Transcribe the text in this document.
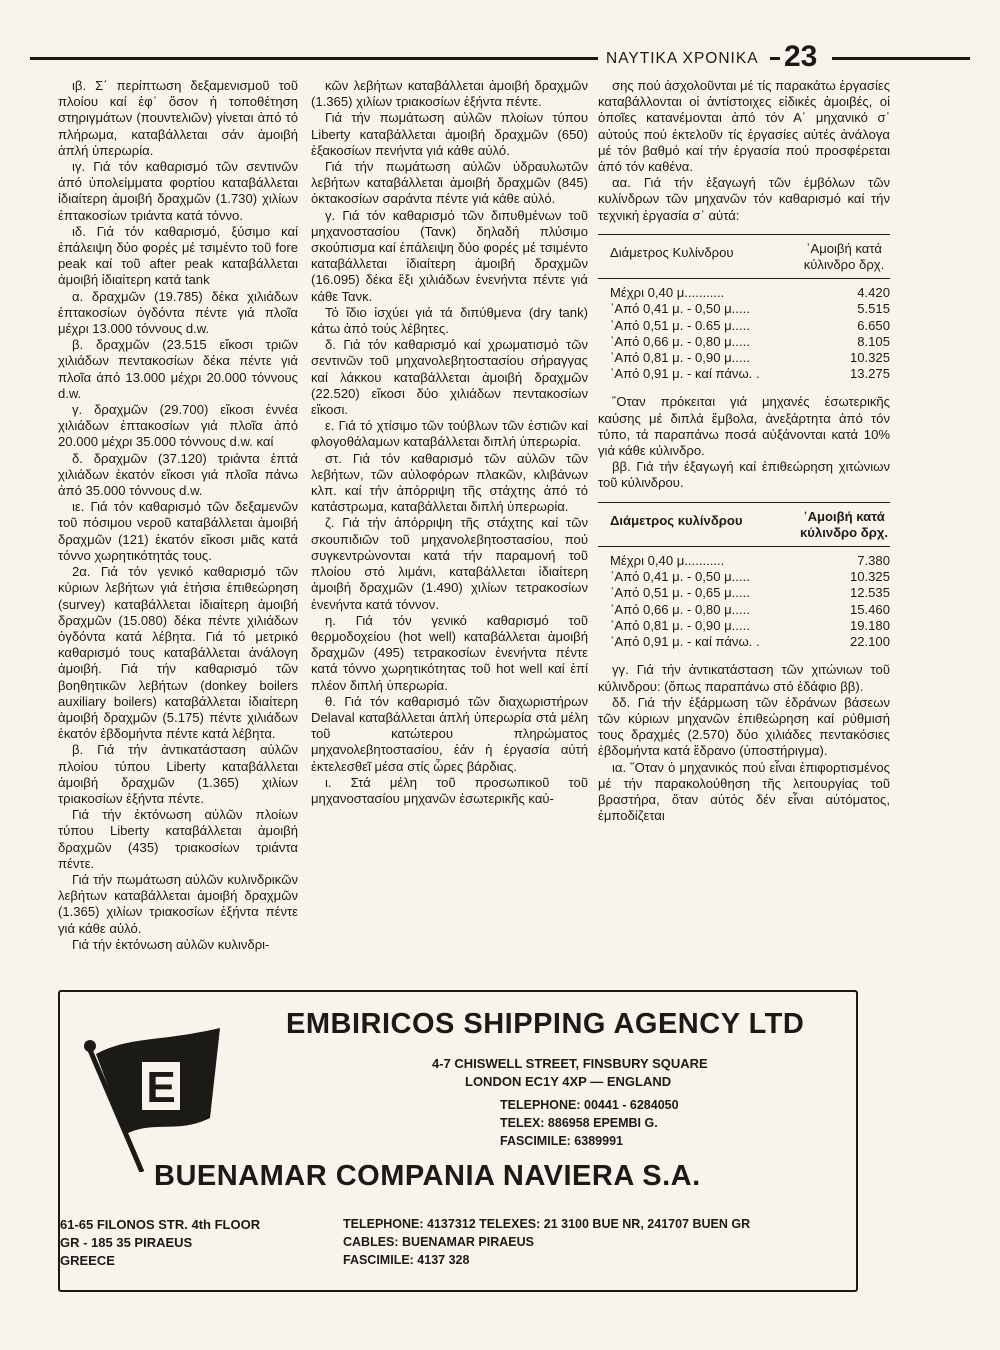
ΝΑΥΤΙΚΑ ΧΡΟΝΙΚΑ 23

ιβ. Σ΄ περίπτωση δεξαμενισμοῦ τοῦ πλοίου καί ἐφ᾽ ὅσον ἡ τοποθέτηση στηριγμάτων (πουντελιῶν) γίνεται ἀπό τό πλήρωμα, καταβάλλεται σάν ἀμοιβή ἁπλή ὑπερωρία.

ιγ. Γιά τόν καθαρισμό τῶν σεντινῶν ἀπό ὑπολείμματα φορτίου καταβάλλεται ἰδιαίτερη ἀμοιβή δραχμῶν (1.730) χιλίων ἑπτακοσίων τριάντα κατά τόννο.

ιδ. Γιά τόν καθαρισμό, ξύσιμο καί ἐπάλειψη δύο φορές μέ τσιμέντο τοῦ fore peak καί τοῦ after peak καταβάλλεται ἀμοιβή ἰδιαίτερη κατά tank

α. δραχμῶν (19.785) δέκα χιλιάδων ἑπτακοσίων ὀγδόντα πέντε γιά πλοῖα μέχρι 13.000 τόννους d.w.

β. δραχμῶν (23.515 εἴκοσι τριῶν χιλιάδων πεντακοσίων δέκα πέντε γιά πλοῖα ἀπό 13.000 μέχρι 20.000 τόννους d.w.

γ. δραχμῶν (29.700) εἴκοσι ἐννέα χιλιάδων ἑπτακοσίων γιά πλοῖα ἀπό 20.000 μέχρι 35.000 τόννους d.w. καί

δ. δραχμῶν (37.120) τριάντα ἑπτά χιλιάδων ἑκατόν εἴκοσι γιά πλοῖα πάνω ἀπό 35.000 τόννους d.w.

ιε. Γιά τόν καθαρισμό τῶν δεξαμενῶν τοῦ πόσιμου νεροῦ καταβάλλεται ἀμοιβή δραχμῶν (121) ἑκατόν εἴκοσι μιᾶς κατά τόννο χωρητικότητάς τους.

2α. Γιά τόν γενικό καθαρισμό τῶν κύριων λεβήτων γιά ἐτήσια ἐπιθεώρηση (survey) καταβάλλεται ἰδιαίτερη ἀμοιβή δραχμῶν (15.080) δέκα πέντε χιλιάδων ὀγδόντα κατά λέβητα. Γιά τό μετρικό καθαρισμό τους καταβάλλεται ἀνάλογη ἀμοιβή. Γιά τήν καθαρισμό τῶν βοηθητικῶν λεβήτων (donkey boilers auxiliary boilers) καταβάλλεται ἰδιαίτερη ἀμοιβή δραχμῶν (5.175) πέντε χιλιάδων ἑκατόν ἑβδομήντα πέντε κατά λέβητα.

β. Γιά τήν ἀντικατάσταση αὐλῶν πλοίου τύπου Liberty καταβάλλεται ἀμοιβή δραχμῶν (1.365) χιλίων τριακοσίων ἑξήντα πέντε.

Γιά τήν ἐκτόνωση αὐλῶν πλοίων τύπου Liberty καταβάλλεται ἀμοιβή δραχμῶν (435) τριακοσίων τριάντα πέντε.

Γιά τήν πωμάτωση αὐλῶν κυλινδρικῶν λεβήτων καταβάλλεται ἀμοιβή δραχμῶν (1.365) χιλίων τριακοσίων ἑξήντα πέντε γιά κάθε αὐλό.

Γιά τήν ἐκτόνωση αὐλῶν κυλινδρι-

κῶν λεβήτων καταβάλλεται ἀμοιβή δραχμῶν (1.365) χιλίων τριακοσίων ἑξήντα πέντε.

Γιά τήν πωμάτωση αὐλῶν πλοίων τύπου Liberty καταβάλλεται ἀμοιβή δραχμῶν (650) ἑξακοσίων πενήντα γιά κάθε αὐλό.

Γιά τήν πωμάτωση αὐλῶν ὑδραυλωτῶν λεβήτων καταβάλλεται ἀμοιβή δραχμῶν (845) ὀκτακοσίων σαράντα πέντε γιά κάθε αὐλό.

γ. Γιά τόν καθαρισμό τῶν διπυθμένων τοῦ μηχανοστασίου (Τανκ) δηλαδή πλύσιμο σκούπισμα καί ἐπάλειψη δύο φορές μέ τσιμέντο καταβάλλεται ἰδιαίτερη ἀμοιβή δραχμῶν (16.095) δέκα ἕξι χιλιάδων ἐνενήντα πέντε γιά κάθε Τανκ.

Τό ἴδιο ἰσχύει γιά τά διπύθμενα (dry tank) κάτω ἀπό τούς λέβητες.

δ. Γιά τόν καθαρισμό καί χρωματισμό τῶν σεντινῶν τοῦ μηχανολεβητοστασίου σήραγγας καί λάκκου καταβάλλεται ἀμοιβή δραχμῶν (22.520) εἴκοσι δύο χιλιάδων πεντακοσίων εἴκοσι.

ε. Γιά τό χτίσιμο τῶν τούβλων τῶν ἑστιῶν καί φλογοθάλαμων καταβάλλεται διπλή ὑπερωρία.

στ. Γιά τόν καθαρισμό τῶν αὐλῶν τῶν λεβήτων, τῶν αὐλοφόρων πλακῶν, κλιβάνων κλπ. καί τήν ἀπόρριψη τῆς στάχτης ἀπό τό κατάστρωμα, καταβάλλεται διπλή ὑπερωρία.

ζ. Γιά τήν ἀπόρριψη τῆς στάχτης καί τῶν σκουπιδιῶν τοῦ μηχανολεβητοστασίου, πού συγκεντρώνονται κατά τήν παραμονή τοῦ πλοίου στό λιμάνι, καταβάλλεται ἰδιαίτερη ἀμοιβή δραχμῶν (1.490) χιλίων τετρακοσίων ἐνενήντα κατά τόννον.

η. Γιά τόν γενικό καθαρισμό τοῦ θερμοδοχείου (hot well) καταβάλλεται ἀμοιβή δραχμῶν (495) τετρακοσίων ἐνενήντα πέντε κατά τόννο χωρητικότητας τοῦ hot well καί ἐπί πλέον διπλή ὑπερωρία.

θ. Γιά τόν καθαρισμό τῶν διαχωριστήρων Delaval καταβάλλεται ἁπλή ὑπερωρία στά μέλη τοῦ κατώτερου πληρώματος μηχανολεβητοστασίου, ἐάν ἡ ἐργασία αὐτή ἐκτελεσθεῖ μέσα στίς ὧρες βάρδιας.

ι. Στά μέλη τοῦ προσωπικοῦ τοῦ μηχανοστασίου μηχανῶν ἐσωτερικῆς καύ-

σης πού ἀσχολοῦνται μέ τίς παρακάτω ἐργασίες καταβάλλονται οἱ ἀντίστοιχες εἰδικές ἀμοιβές, οἱ ὁποῖες κατανέμονται ἀπό τόν Α΄ μηχανικό σ᾽ αὐτούς πού ἐκτελοῦν τίς ἐργασίες αὐτές ἀνάλογα μέ τόν βαθμό καί τήν ἐργασία πού προσφέρεται ἀπό τόν καθένα.

αα. Γιά τήν ἐξαγωγή τῶν ἐμβόλων τῶν κυλίνδρων τῶν μηχανῶν τόν καθαρισμό καί τήν τεχνική ἐργασία σ᾽ αὐτά:

Διάμετρος Κυλίνδρου	᾽Αμοιβή κατά κύλινδρο δρχ.
Μέχρι 0,40 μ...........	4.420
᾽Από 0,41 μ. - 0,50 μ.....	5.515
᾽Από 0,51 μ. - 0.65 μ.....	6.650
᾽Από 0,66 μ. - 0,80 μ.....	8.105
᾽Από 0,81 μ. - 0,90 μ.....	10.325
᾽Από 0,91 μ. - καί πάνω. .	13.275

῞Οταν πρόκειται γιά μηχανές ἐσωτερικῆς καύσης μέ διπλά ἔμβολα, ἀνεξάρτητα ἀπό τόν τύπο, τά παραπάνω ποσά αὐξάνονται κατά 10% γιά κάθε κύλινδρο.

ββ. Γιά τήν ἐξαγωγή καί ἐπιθεώρηση χιτώνιων τοῦ κύλινδρου.

Διάμετρος κυλίνδρου	᾽Αμοιβή κατά κύλινδρο δρχ.
Μέχρι 0,40 μ...........	7.380
᾽Από 0,41 μ. - 0,50 μ.....	10.325
᾽Από 0,51 μ. - 0,65 μ.....	12.535
᾽Από 0,66 μ. - 0,80 μ.....	15.460
᾽Από 0,81 μ. - 0,90 μ.....	19.180
᾽Από 0,91 μ. - καί πάνω. .	22.100

γγ. Γιά τήν ἀντικατάσταση τῶν χιτώνιων τοῦ κύλινδρου: (ὅπως παραπάνω στό ἐδάφιο ββ).

δδ. Γιά τήν ἐξάρμωση τῶν ἑδράνων βάσεων τῶν κύριων μηχανῶν ἐπιθεώρηση καί ρύθμισή τους δραχμές (2.570) δύο χιλιάδες πεντακόσιες ἑβδομήντα κατά ἕδρανο (ὑποστήριγμα).

ια. ῞Οταν ὁ μηχανικός πού εἶναι ἐπιφορτισμένος μέ τήν παρακολούθηση τῆς λειτουργίας τοῦ βραστήρα, ὅταν αὐτός δέν εἶναι αὐτόματος, ἐμποδίζεται

E
EMBIRICOS SHIPPING AGENCY LTD
4-7 CHISWELL STREET, FINSBURY SQUARE
LONDON EC1Y 4XP — ENGLAND
TELEPHONE: 00441 - 6284050
TELEX: 886958 EPEMBI G.
FASCIMILE: 6389991
BUENAMAR COMPANIA NAVIERA S.A.
61-65 FILONOS STR. 4th FLOOR
GR - 185 35 PIRAEUS
GREECE
TELEPHONE: 4137312 TELEXES: 21 3100 BUE NR, 241707 BUEN GR
CABLES: BUENAMAR PIRAEUS
FASCIMILE: 4137 328
